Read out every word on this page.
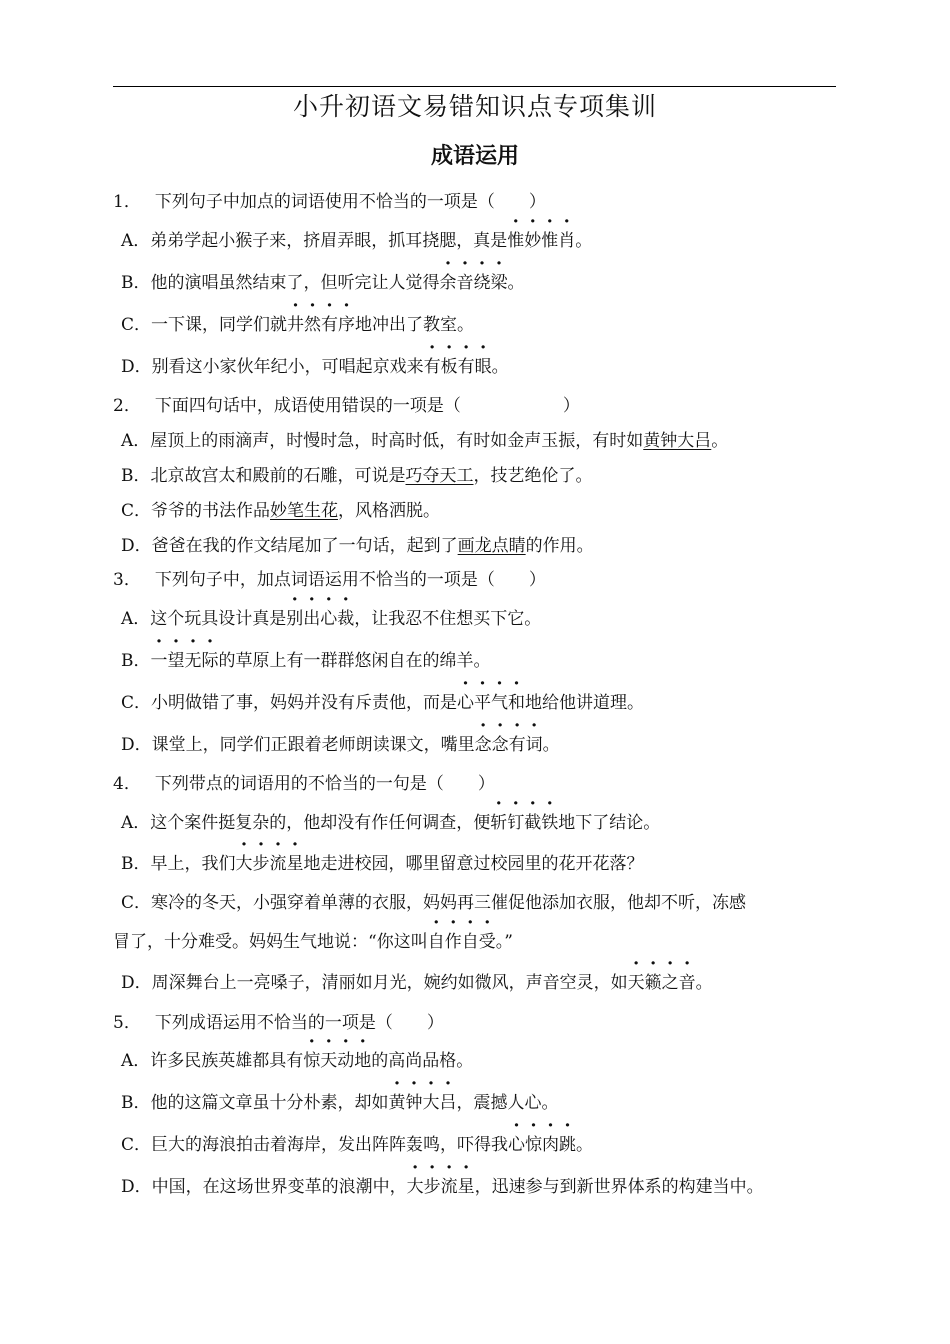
小升初语文易错知识点专项集训
成语运用
1． 下列句子中加点的词语使用不恰当的一项是（　　）
A．弟弟学起小猴子来，挤眉弄眼，抓耳挠腮，真是惟妙惟肖。
B．他的演唱虽然结束了，但听完让人觉得余音绕梁。
C．一下课，同学们就井然有序地冲出了教室。
D．别看这小家伙年纪小，可唱起京戏来有板有眼。
2． 下面四句话中，成语使用错误的一项是（　　　　　　）
A．屋顶上的雨滴声，时慢时急，时高时低，有时如金声玉振，有时如黄钟大吕。
B．北京故宫太和殿前的石雕，可说是巧夺天工，技艺绝伦了。
C．爷爷的书法作品妙笔生花，风格洒脱。
D．爸爸在我的作文结尾加了一句话，起到了画龙点睛的作用。
3． 下列句子中，加点词语运用不恰当的一项是（　　）
A．这个玩具设计真是别出心裁，让我忍不住想买下它。
B．一望无际的草原上有一群群悠闲自在的绵羊。
C．小明做错了事，妈妈并没有斥责他，而是心平气和地给他讲道理。
D．课堂上，同学们正跟着老师朗读课文，嘴里念念有词。
4． 下列带点的词语用的不恰当的一句是（　　）
A．这个案件挺复杂的，他却没有作任何调查，便斩钉截铁地下了结论。
B．早上，我们大步流星地走进校园，哪里留意过校园里的花开花落？
C．寒冷的冬天，小强穿着单薄的衣服，妈妈再三催促他添加衣服，他却不听，冻感
冒了，十分难受。妈妈生气地说：“你这叫自作自受。”
D．周深舞台上一亮嗓子，清丽如月光，婉约如微风，声音空灵，如天籁之音。
5． 下列成语运用不恰当的一项是（　　）
A．许多民族英雄都具有惊天动地的高尚品格。
B．他的这篇文章虽十分朴素，却如黄钟大吕，震撼人心。
C．巨大的海浪拍击着海岸，发出阵阵轰鸣，吓得我心惊肉跳。
D．中国，在这场世界变革的浪潮中，大步流星，迅速参与到新世界体系的构建当中。
